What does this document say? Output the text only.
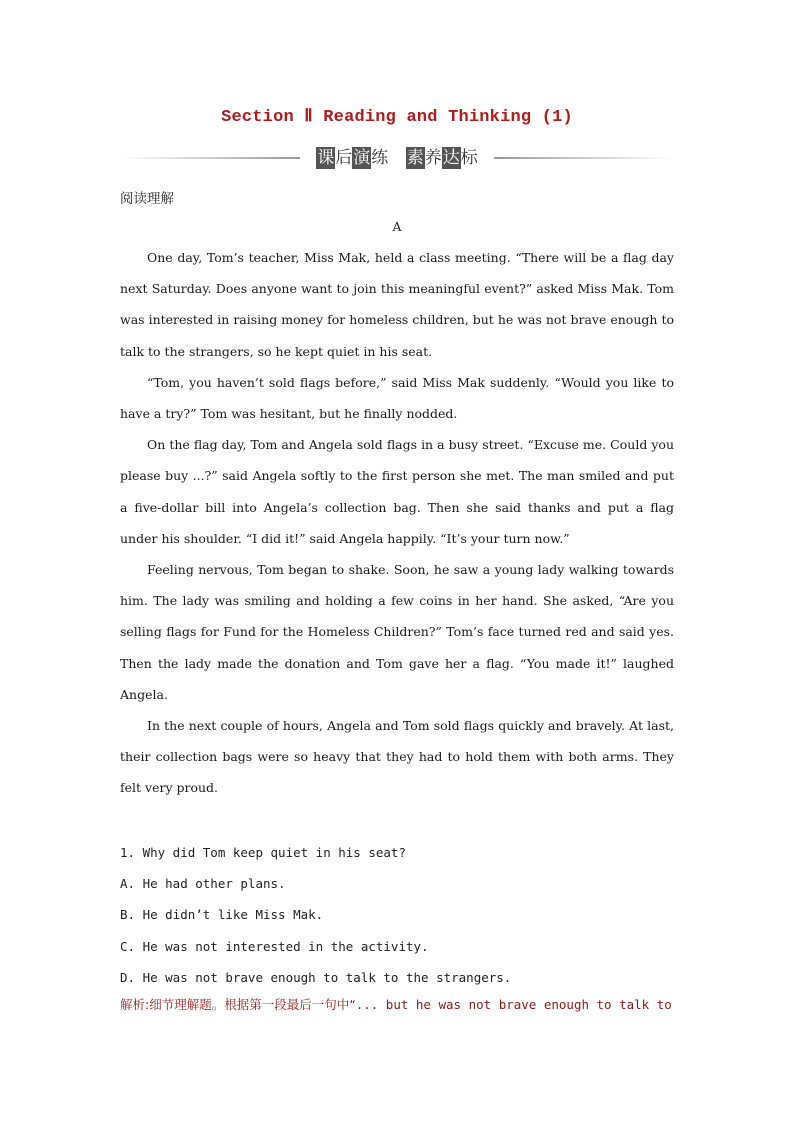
Section Ⅱ Reading and Thinking (1)
课后演练 素养达标
阅读理解
A

One day, Tom’s teacher, Miss Mak, held a class meeting. “There will be a flag day next Saturday. Does anyone want to join this meaningful event?” asked Miss Mak. Tom was interested in raising money for homeless children, but he was not brave enough to talk to the strangers, so he kept quiet in his seat.

“Tom, you haven’t sold flags before,” said Miss Mak suddenly. “Would you like to have a try?” Tom was hesitant, but he finally nodded.

On the flag day, Tom and Angela sold flags in a busy street. “Excuse me. Could you please buy ...?” said Angela softly to the first person she met. The man smiled and put a five-dollar bill into Angela’s collection bag. Then she said thanks and put a flag under his shoulder. “I did it!” said Angela happily. “It’s your turn now.”

Feeling nervous, Tom began to shake. Soon, he saw a young lady walking towards him. The lady was smiling and holding a few coins in her hand. She asked, “Are you selling flags for Fund for the Homeless Children?” Tom’s face turned red and said yes. Then the lady made the donation and Tom gave her a flag. “You made it!” laughed Angela.

In the next couple of hours, Angela and Tom sold flags quickly and bravely. At last, their collection bags were so heavy that they had to hold them with both arms. They felt very proud.

1. Why did Tom keep quiet in his seat?
A. He had other plans.
B. He didn’t like Miss Mak.
C. He was not interested in the activity.
D. He was not brave enough to talk to the strangers.
解析:细节理解题。根据第一段最后一句中“... but he was not brave enough to talk to
